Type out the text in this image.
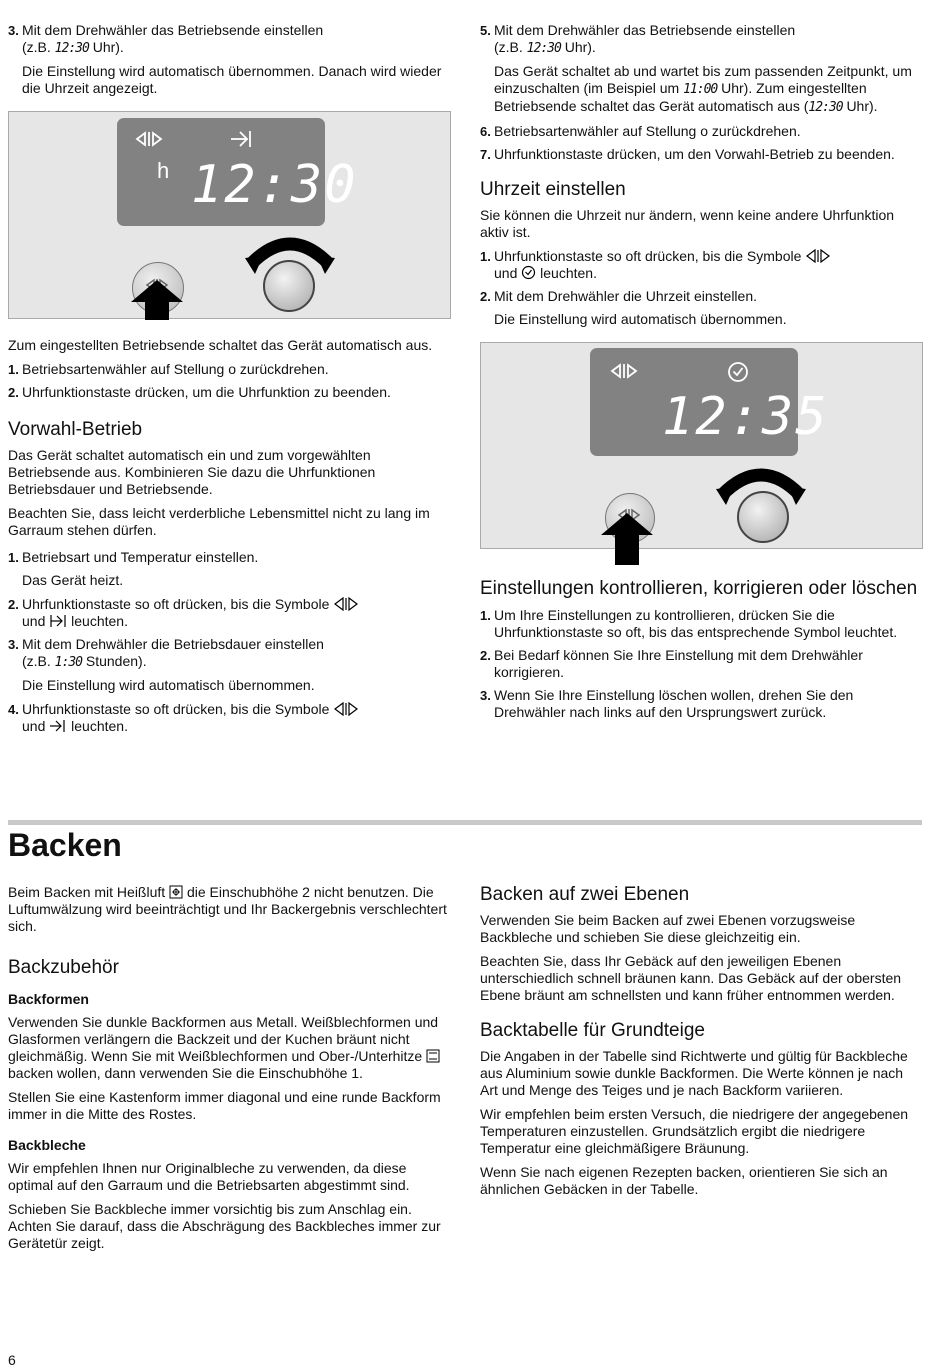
3. Mit dem Drehwähler das Betriebsende einstellen
(z.B. 12:30 Uhr).

Die Einstellung wird automatisch übernommen. Danach wird wieder die Uhrzeit angezeigt.

h 12:30

Zum eingestellten Betriebsende schaltet das Gerät automatisch aus.

1. Betriebsartenwähler auf Stellung o zurückdrehen.
2. Uhrfunktionstaste drücken, um die Uhrfunktion zu beenden.
Vorwahl-Betrieb

Das Gerät schaltet automatisch ein und zum vorgewählten Betriebsende aus. Kombinieren Sie dazu die Uhrfunktionen Betriebsdauer und Betriebsende.

Beachten Sie, dass leicht verderbliche Lebensmittel nicht zu lang im Garraum stehen dürfen.

1. Betriebsart und Temperatur einstellen.

Das Gerät heizt.

2. Uhrfunktionstaste so oft drücken, bis die Symbole
und leuchten.
3. Mit dem Drehwähler die Betriebsdauer einstellen
(z.B. 1:30 Stunden).

Die Einstellung wird automatisch übernommen.

4. Uhrfunktionstaste so oft drücken, bis die Symbole
und leuchten.
5. Mit dem Drehwähler das Betriebsende einstellen
(z.B. 12:30 Uhr).

Das Gerät schaltet ab und wartet bis zum passenden Zeitpunkt, um einzuschalten (im Beispiel um 11:00 Uhr). Zum eingestellten Betriebsende schaltet das Gerät automatisch aus (12:30 Uhr).

6. Betriebsartenwähler auf Stellung o zurückdrehen.
7. Uhrfunktionstaste drücken, um den Vorwahl-Betrieb zu beenden.
Uhrzeit einstellen

Sie können die Uhrzeit nur ändern, wenn keine andere Uhrfunktion aktiv ist.

1. Uhrfunktionstaste so oft drücken, bis die Symbole
und leuchten.
2. Mit dem Drehwähler die Uhrzeit einstellen.

Die Einstellung wird automatisch übernommen.

12:35
Einstellungen kontrollieren, korrigieren oder löschen
1. Um Ihre Einstellungen zu kontrollieren, drücken Sie die Uhrfunktionstaste so oft, bis das entsprechende Symbol leuchtet.
2. Bei Bedarf können Sie Ihre Einstellung mit dem Drehwähler korrigieren.
3. Wenn Sie Ihre Einstellung löschen wollen, drehen Sie den Drehwähler nach links auf den Ursprungswert zurück.
Backen

Beim Backen mit Heißluft die Einschubhöhe 2 nicht benutzen. Die Luftumwälzung wird beeinträchtigt und Ihr Backergebnis verschlechtert sich.

Backzubehör
Backformen

Verwenden Sie dunkle Backformen aus Metall. Weißblechformen und Glasformen verlängern die Backzeit und der Kuchen bräunt nicht gleichmäßig. Wenn Sie mit Weißblechformen und Ober-/Unterhitze  backen wollen, dann verwenden Sie die Einschubhöhe 1.

Stellen Sie eine Kastenform immer diagonal und eine runde Backform immer in die Mitte des Rostes.

Backbleche

Wir empfehlen Ihnen nur Originalbleche zu verwenden, da diese optimal auf den Garraum und die Betriebsarten abgestimmt sind.

Schieben Sie Backbleche immer vorsichtig bis zum Anschlag ein. Achten Sie darauf, dass die Abschrägung des Backbleches immer zur Gerätetür zeigt.

Backen auf zwei Ebenen

Verwenden Sie beim Backen auf zwei Ebenen vorzugsweise Backbleche und schieben Sie diese gleichzeitig ein.

Beachten Sie, dass Ihr Gebäck auf den jeweiligen Ebenen unterschiedlich schnell bräunen kann. Das Gebäck auf der obersten Ebene bräunt am schnellsten und kann früher entnommen werden.

Backtabelle für Grundteige

Die Angaben in der Tabelle sind Richtwerte und gültig für Backbleche aus Aluminium sowie dunkle Backformen. Die Werte können je nach Art und Menge des Teiges und je nach Backform variieren.

Wir empfehlen beim ersten Versuch, die niedrigere der angegebenen Temperaturen einzustellen. Grundsätzlich ergibt die niedrigere Temperatur eine gleichmäßigere Bräunung.

Wenn Sie nach eigenen Rezepten backen, orientieren Sie sich an ähnlichen Gebäcken in der Tabelle.

6
